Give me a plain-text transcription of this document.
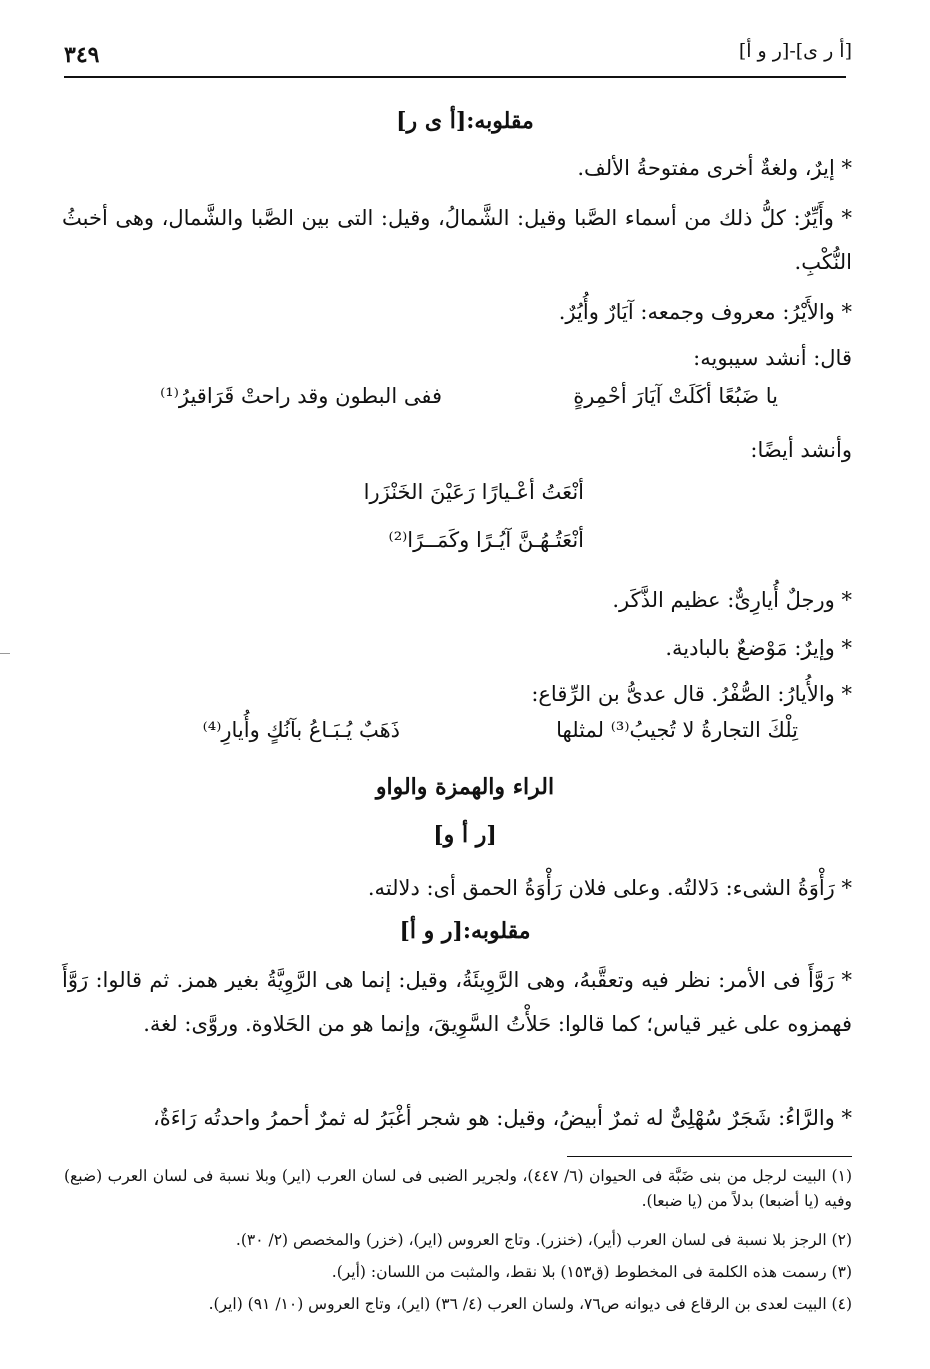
[أ ر ى]-[ر و أ]
٣٤٩
مقلوبه:[أ ى ر]
* إيرٌ، ولغةٌ أخرى مفتوحةُ الألف.
* وأَيِّرٌ: كلُّ ذلك من أسماء الصَّبا وقيل: الشَّمالُ، وقيل: التى بين الصَّبا والشَّمال، وهى أخبثُ النُّكْبِ.
* والأَيْرُ: معروف وجمعه: آيَارٌ وأُيُرٌ.
قال: أنشد سيبويه:
يا ضَبُعًا أكَلَتْ آيَارَ أحْمِرةٍ
ففى البطون وقد راحتْ قَرَاقيرُ⁽¹⁾
وأنشد أيضًا:
أنْعَتُ أعْـيارًا رَعَيْنَ الخَنْزَرا
أنْعَتُـهُـنَّ آيُـرًا وكَمَــرًا⁽²⁾
* ورجلٌ أُيارِىٌّ: عظيم الذَّكَر.
* وإيرٌ: مَوْضعٌ بالبادية.
* والأُيارُ: الصُّفْرُ. قال عدىُّ بن الرِّقاع:
تِلْكَ التجارةُ لا تُجيبُ⁽³⁾ لمثلها
ذَهَبٌ يُـبَـاعُ بآنُكٍ وأُيارِ⁽⁴⁾
الراء والهمزة والواو
[ر أ و]
* رَأْوَةُ الشىء: دَلالتُه. وعلى فلان رَأْوَةُ الحمق أى: دلالته.
مقلوبه:[ر و أ]
* رَوَّأَ فى الأمر: نظر فيه وتعقَّبهُ، وهى الرَّوِيئَةُ، وقيل: إنما هى الرَّوِيَّةُ بغير همز. ثم قالوا: رَوَّأَ فهمزوه على غير قياس؛ كما قالوا: حَلأْتُ السَّوِيقَ، وإنما هو من الحَلاوة. وروَّى: لغة.
* والرَّاءُ: شَجَرٌ سُهْلِىٌّ له ثمرٌ أبيضُ، وقيل: هو شجر أغْبَرُ له ثمرٌ أحمرُ واحدتُه رَاءَةٌ،
(١) البيت لرجل من بنى ضَبَّة فى الحيوان (٦/ ٤٤٧)، ولجرير الضبى فى لسان العرب (اير) وبلا نسبة فى لسان العرب (ضبع) وفيه (يا أضبعا) بدلاً من (يا ضبعا).
(٢) الرجز بلا نسبة فى لسان العرب (أير)، (خنزر). وتاج العروس (اير)، (خزر) والمخصص (٢/ ٣٠).
(٣) رسمت هذه الكلمة فى المخطوط (ق١٥٣) بلا نقط، والمثبت من اللسان: (أير).
(٤) البيت لعدى بن الرقاع فى ديوانه ص٧٦، ولسان العرب (٤/ ٣٦) (اير)، وتاج العروس (١٠/ ٩١) (اير).
